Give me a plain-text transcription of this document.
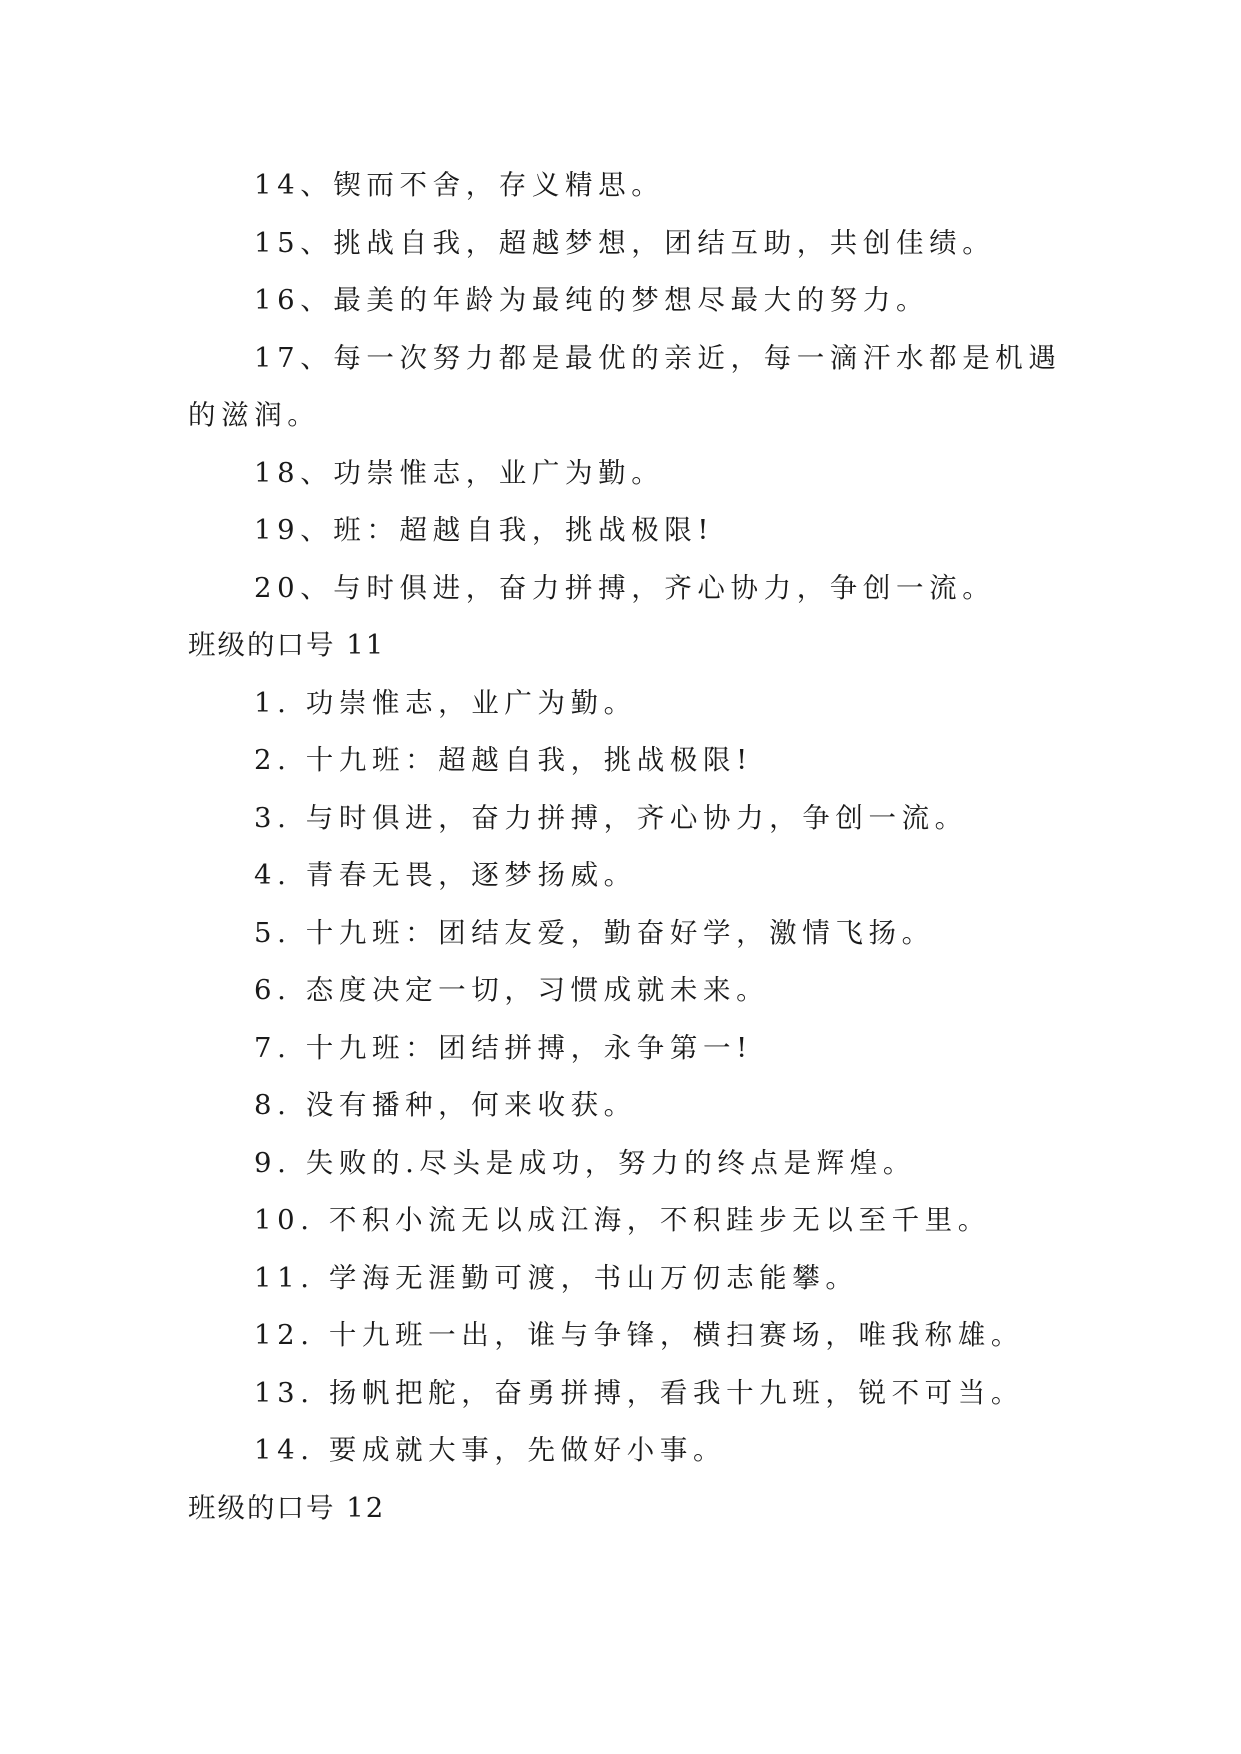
14、锲而不舍，存义精思。
15、挑战自我，超越梦想，团结互助，共创佳绩。
16、最美的年龄为最纯的梦想尽最大的努力。
17、每一次努力都是最优的亲近，每一滴汗水都是机遇
的滋润。
18、功崇惟志，业广为勤。
19、班：超越自我，挑战极限!
20、与时俱进，奋力拼搏，齐心协力，争创一流。
班级的口号 11
1. 功崇惟志，业广为勤。
2. 十九班：超越自我，挑战极限!
3. 与时俱进，奋力拼搏，齐心协力，争创一流。
4. 青春无畏，逐梦扬威。
5. 十九班：团结友爱，勤奋好学，激情飞扬。
6. 态度决定一切，习惯成就未来。
7. 十九班：团结拼搏，永争第一!
8. 没有播种，何来收获。
9. 失败的.尽头是成功，努力的终点是辉煌。
10. 不积小流无以成江海，不积跬步无以至千里。
11. 学海无涯勤可渡，书山万仞志能攀。
12. 十九班一出，谁与争锋，横扫赛场，唯我称雄。
13. 扬帆把舵，奋勇拼搏，看我十九班，锐不可当。
14. 要成就大事，先做好小事。
班级的口号 12
